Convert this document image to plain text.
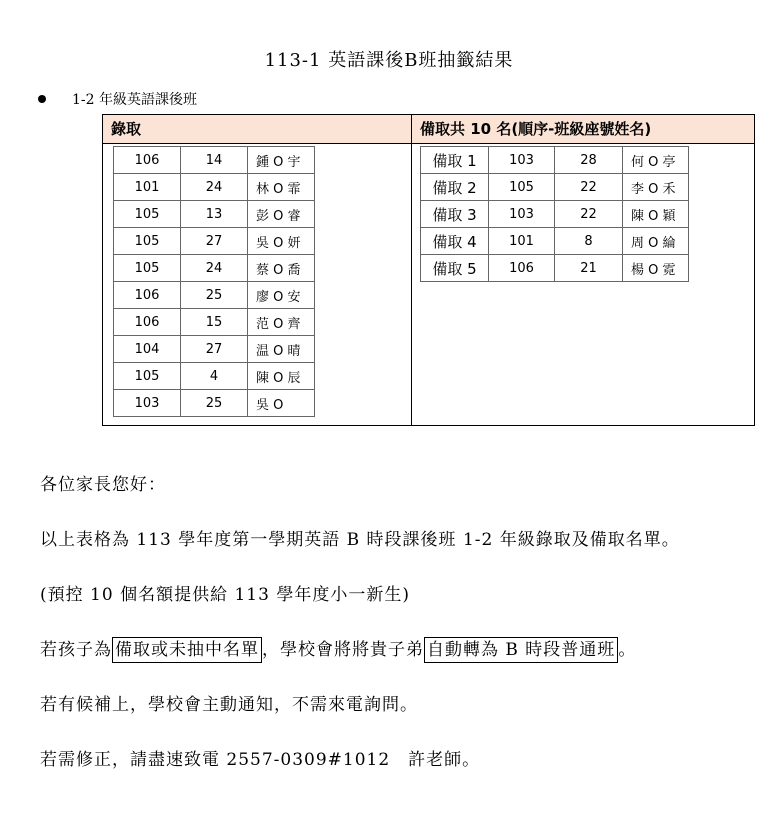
113-1 英語課後B班抽籤結果
1-2 年級英語課後班
錄取	備取共 10 名(順序-班級座號姓名)
106	14	鍾 O 宇
101	24	林 O 霏
105	13	彭 O 睿
105	27	吳 O 妍
105	24	蔡 O 喬
106	25	廖 O 安
106	15	范 O 齊
104	27	温 O 晴
105	4	陳 O 辰
103	25	吳 O
備取 1	103	28	何 O 亭
備取 2	105	22	李 O 禾
備取 3	103	22	陳 O 穎
備取 4	101	8	周 O 綸
備取 5	106	21	楊 O 霓
各位家長您好：
以上表格為 113 學年度第一學期英語 B 時段課後班 1-2 年級錄取及備取名單。
(預控 10 個名額提供給 113 學年度小一新生)
若孩子為 備取或未抽中名單 ，學校會將將貴子弟 自動轉為 B 時段普通班 。
若有候補上，學校會主動通知，不需來電詢問。
若需修正，請盡速致電 2557-0309#1012　許老師。
